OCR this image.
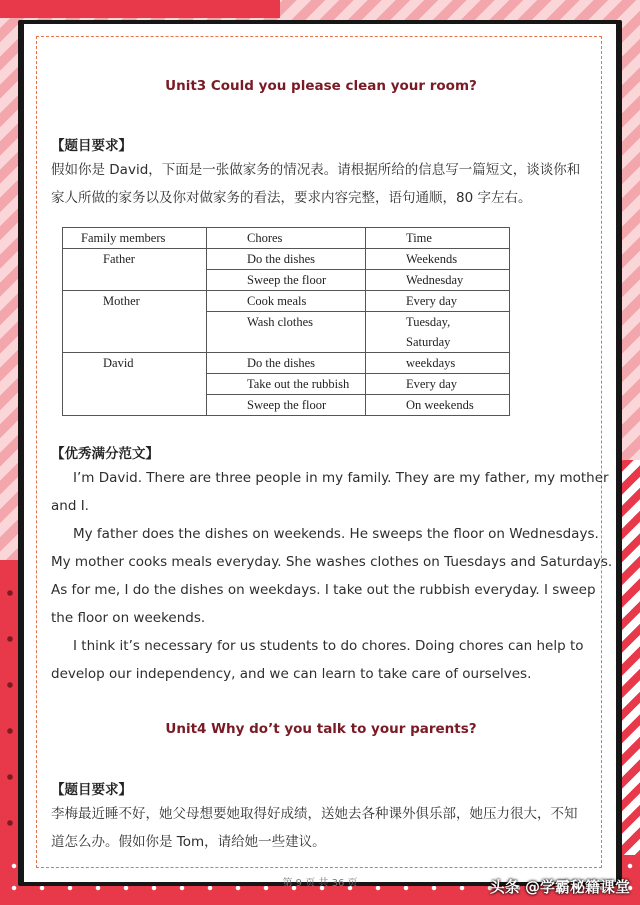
Unit3 Could you please clean your room?
【题目要求】
假如你是 David，下面是一张做家务的情况表。请根据所给的信息写一篇短文，谈谈你和
家人所做的家务以及你对做家务的看法，要求内容完整，语句通顺，80 字左右。
Family members	Chores	Time

Father	Do the dishes	Weekends

	Sweep the floor	Wednesday

Mother	Cook meals	Every day

	Wash clothes	Tuesday,
Saturday

David	Do the dishes	weekdays

	Take out the rubbish	Every day

	Sweep the floor	On weekends
【优秀满分范文】
I’m David. There are three people in my family. They are my father, my mother
and I.
My father does the dishes on weekends. He sweeps the floor on Wednesdays.
My mother cooks meals everyday. She washes clothes on Tuesdays and Saturdays.
As for me, I do the dishes on weekdays. I take out the rubbish everyday. I sweep
the floor on weekends.
I think it’s necessary for us students to do chores. Doing chores can help to
develop our independency, and we can learn to take care of ourselves.
Unit4 Why do’t you talk to your parents?
【题目要求】
李梅最近睡不好，她父母想要她取得好成绩，送她去各种课外俱乐部，她压力很大，不知
道怎么办。假如你是 Tom，请给她一些建议。
第 9 页 共 36 页	头条 @学霸秘籍课堂
